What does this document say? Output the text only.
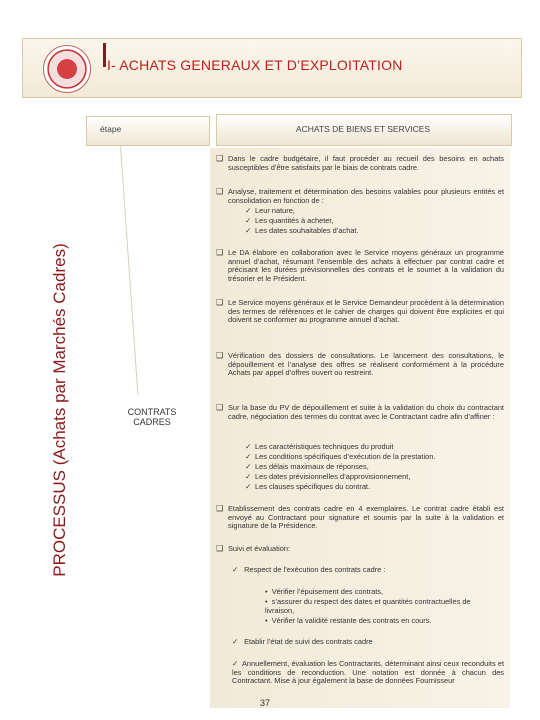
I- ACHATS GENERAUX ET D’EXPLOITATION
PROCESSUS (Achats par Marchés Cadres)
étape	ACHATS DE BIENS ET SERVICES
CONTRATS CADRES
❑ Dans le cadre budgétaire, il faut procéder au recueil des besoins en achats susceptibles d’être satisfaits par le biais de contrats cadre.
❑ Analyse, traitement et détermination des besoins valables pour plusieurs entités et consolidation en fonction de :
✓ Leur nature,
✓ Les quantités à acheter,
✓ Les dates souhaitables d’achat.
❑ Le DA élabore en collaboration avec le Service moyens généraux un programme annuel d’achat, résumant l’ensemble des achats à effectuer par contrat cadre et précisant les durées prévisionnelles des contrats et le soumet à la validation du trésorier et le Président.
❑ Le Service moyens généraux et le Service Demandeur procèdent à la détermination des termes de références et le cahier de charges qui doivent être explicites et qui doivent se conformer au programme annuel d’achat.
❑ Vérification des dossiers de consultations. Le lancement des consultations, le dépouillement et l’analyse des offres se réalisent conformément à la procédure Achats par appel d’offres ouvert ou restreint.
❑ Sur la base du PV de dépouillement et suite à la validation du choix du contractant cadre, négociation des termes du contrat avec le Contractant cadre afin d’affiner :
✓ Les caractéristiques techniques du produit
✓ Les conditions spécifiques d’exécution de la prestation.
✓ Les délais maximaux de réponses,
✓ Les dates prévisionnelles d’approvisionnement,
✓ Les clauses spécifiques du contrat.
❑ Etablissement des contrats cadre en 4 exemplaires. Le contrat cadre établi est envoyé au Contractant pour signature et soumis par la suite à la validation et signature de la Présidence.
❑ Suivi et évaluation:
✓ Respect de l’exécution des contrats cadre :
•  Vérifier l’épuisement des contrats,
•  s’assurer du respect des dates et quantités contractuelles de livraison,
•  Vérifier la validité restante des contrats en cours.
✓ Etablir l’état de suivi des contrats cadre
✓ Annuellement, évaluation les Contractants, déterminant ainsi ceux reconduits et les conditions de reconduction. Une notation est donnée à chacun des Contractant. Mise à jour également la base de données Fournisseur
37
